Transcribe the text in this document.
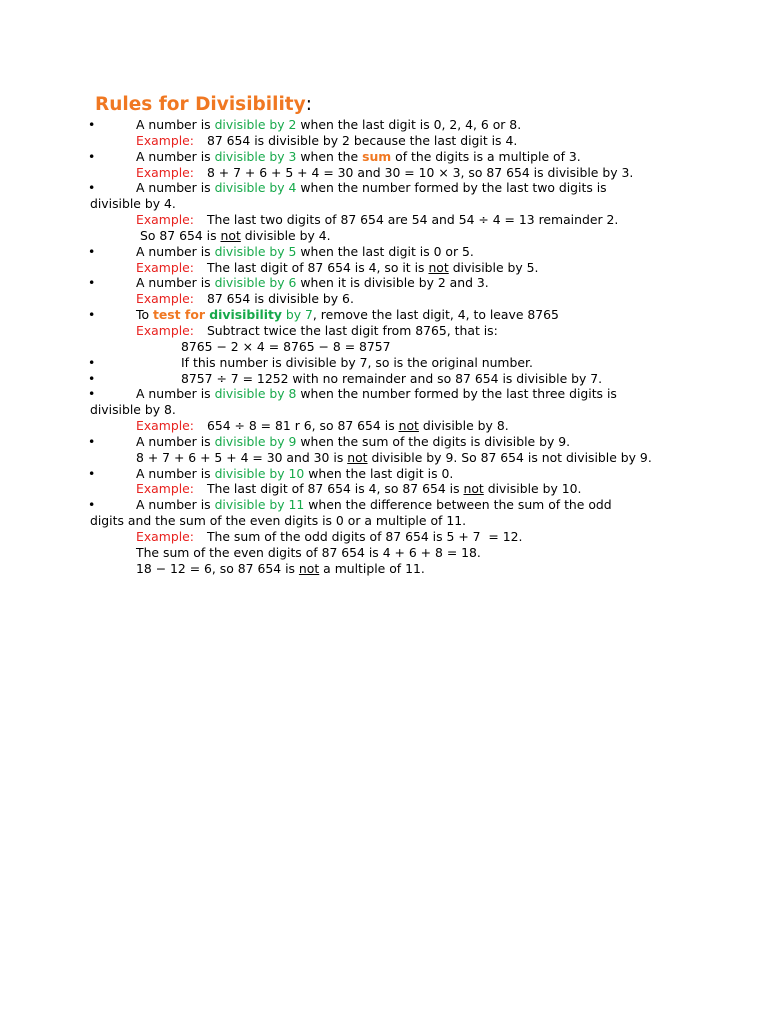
Rules for Divisibility:
•	A number is divisible by 2 when the last digit is 0, 2, 4, 6 or 8.
Example: 87 654 is divisible by 2 because the last digit is 4.
•	A number is divisible by 3 when the sum of the digits is a multiple of 3.
Example: 8 + 7 + 6 + 5 + 4 = 30 and 30 = 10 × 3, so 87 654 is divisible by 3.
•	A number is divisible by 4 when the number formed by the last two digits is
divisible by 4.
Example: The last two digits of 87 654 are 54 and 54 ÷ 4 = 13 remainder 2.
So 87 654 is not divisible by 4.
•	A number is divisible by 5 when the last digit is 0 or 5.
Example: The last digit of 87 654 is 4, so it is not divisible by 5.
•	A number is divisible by 6 when it is divisible by 2 and 3.
Example: 87 654 is divisible by 6.
•	To test for divisibility by 7, remove the last digit, 4, to leave 8765
Example: Subtract twice the last digit from 8765, that is:
8765 − 2 × 4 = 8765 − 8 = 8757
•	If this number is divisible by 7, so is the original number.
•	8757 ÷ 7 = 1252 with no remainder and so 87 654 is divisible by 7.
•	A number is divisible by 8 when the number formed by the last three digits is
divisible by 8.
Example: 654 ÷ 8 = 81 r 6, so 87 654 is not divisible by 8.
•	A number is divisible by 9 when the sum of the digits is divisible by 9.
8 + 7 + 6 + 5 + 4 = 30 and 30 is not divisible by 9. So 87 654 is not divisible by 9.
•	A number is divisible by 10 when the last digit is 0.
Example: The last digit of 87 654 is 4, so 87 654 is not divisible by 10.
•	A number is divisible by 11 when the difference between the sum of the odd
digits and the sum of the even digits is 0 or a multiple of 11.
Example: The sum of the odd digits of 87 654 is 5 + 7  = 12.
The sum of the even digits of 87 654 is 4 + 6 + 8 = 18.
18 − 12 = 6, so 87 654 is not a multiple of 11.
